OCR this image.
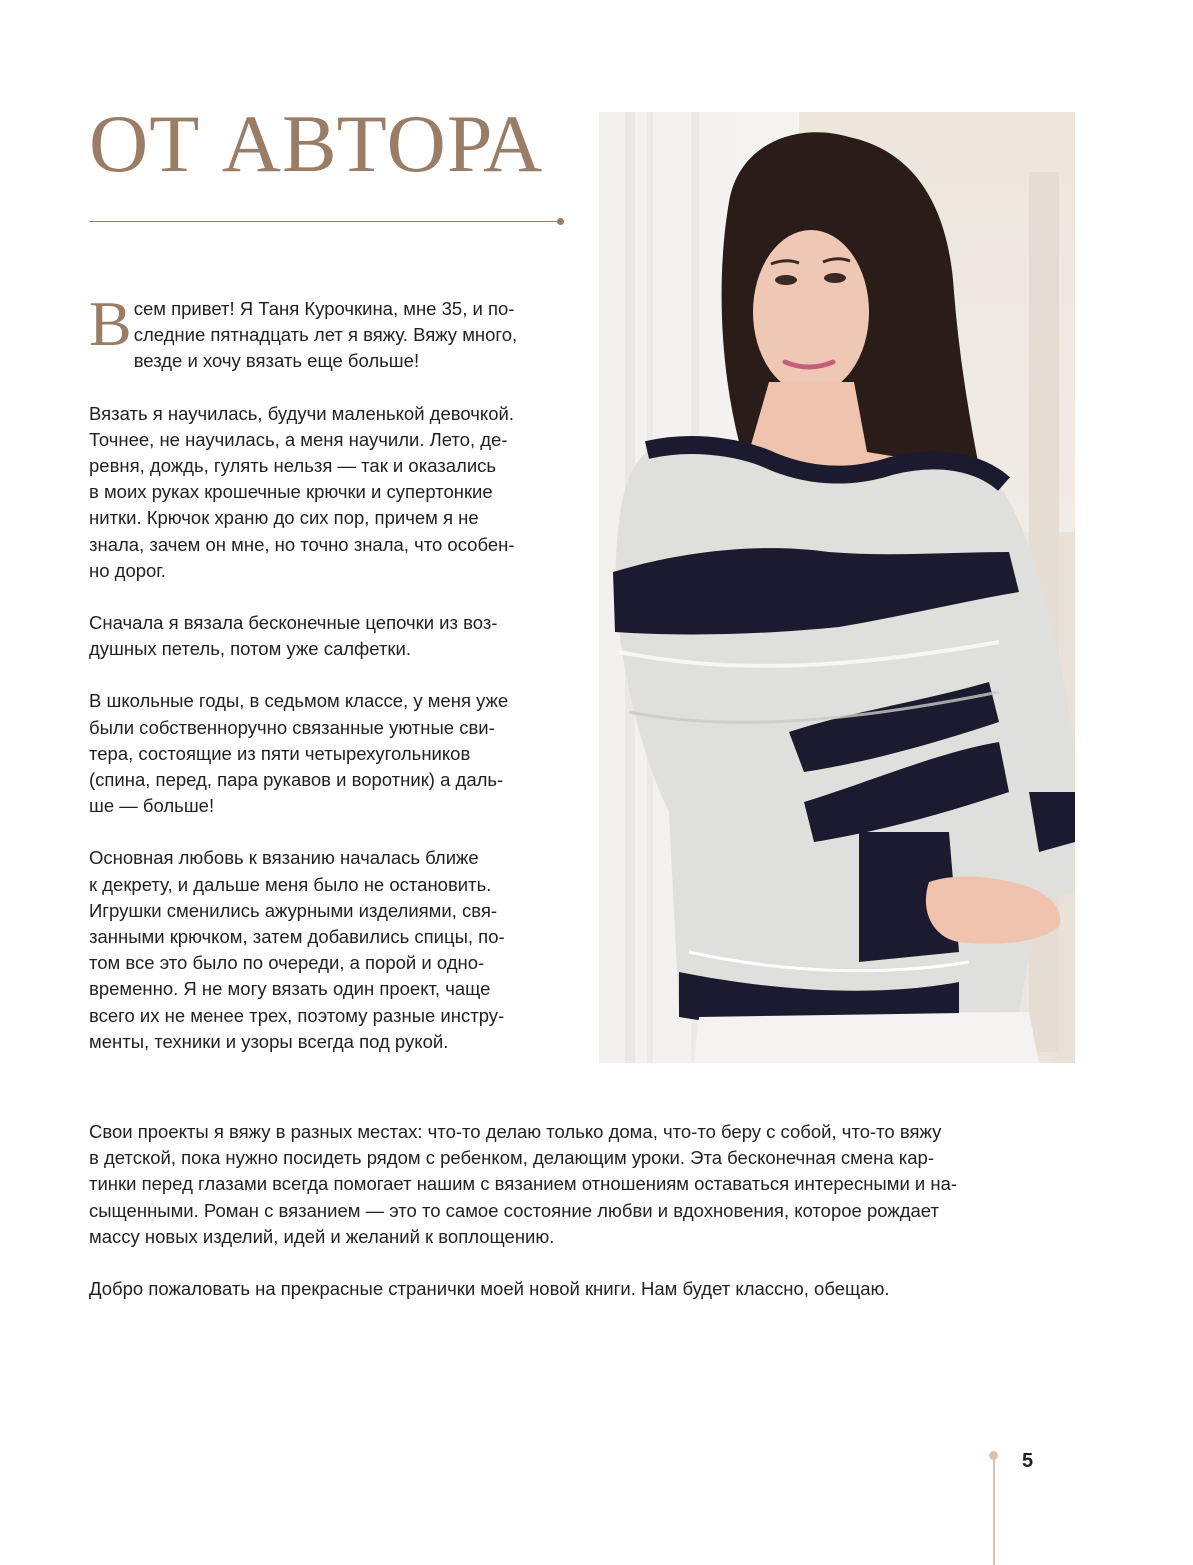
ОТ АВТОРА

В сем привет! Я Таня Курочкина, мне 35, и по-
следние пятнадцать лет я вяжу. Вяжу много,
везде и хочу вязать еще больше!

Вязать я научилась, будучи маленькой девочкой.
Точнее, не научилась, а меня научили. Лето, де-
ревня, дождь, гулять нельзя — так и оказались
в моих руках крошечные крючки и супертонкие
нитки. Крючок храню до сих пор, причем я не
знала, зачем он мне, но точно знала, что особен-
но дорог.

Сначала я вязала бесконечные цепочки из воз-
душных петель, потом уже салфетки.

В школьные годы, в седьмом классе, у меня уже
были собственноручно связанные уютные сви-
тера, состоящие из пяти четырехугольников
(спина, перед, пара рукавов и воротник) а даль-
ше — больше!

Основная любовь к вязанию началась ближе
к декрету, и дальше меня было не остановить.
Игрушки сменились ажурными изделиями, свя-
занными крючком, затем добавились спицы, по-
том все это было по очереди, а порой и одно-
временно. Я не могу вязать один проект, чаще
всего их не менее трех, поэтому разные инстру-
менты, техники и узоры всегда под рукой.

Свои проекты я вяжу в разных местах: что-то делаю только дома, что-то беру с собой, что-то вяжу
в детской, пока нужно посидеть рядом с ребенком, делающим уроки. Эта бесконечная смена кар-
тинки перед глазами всегда помогает нашим с вязанием отношениям оставаться интересными и на-
сыщенными. Роман с вязанием — это то самое состояние любви и вдохновения, которое рождает
массу новых изделий, идей и желаний к воплощению.

Добро пожаловать на прекрасные странички моей новой книги. Нам будет классно, обещаю.

5
